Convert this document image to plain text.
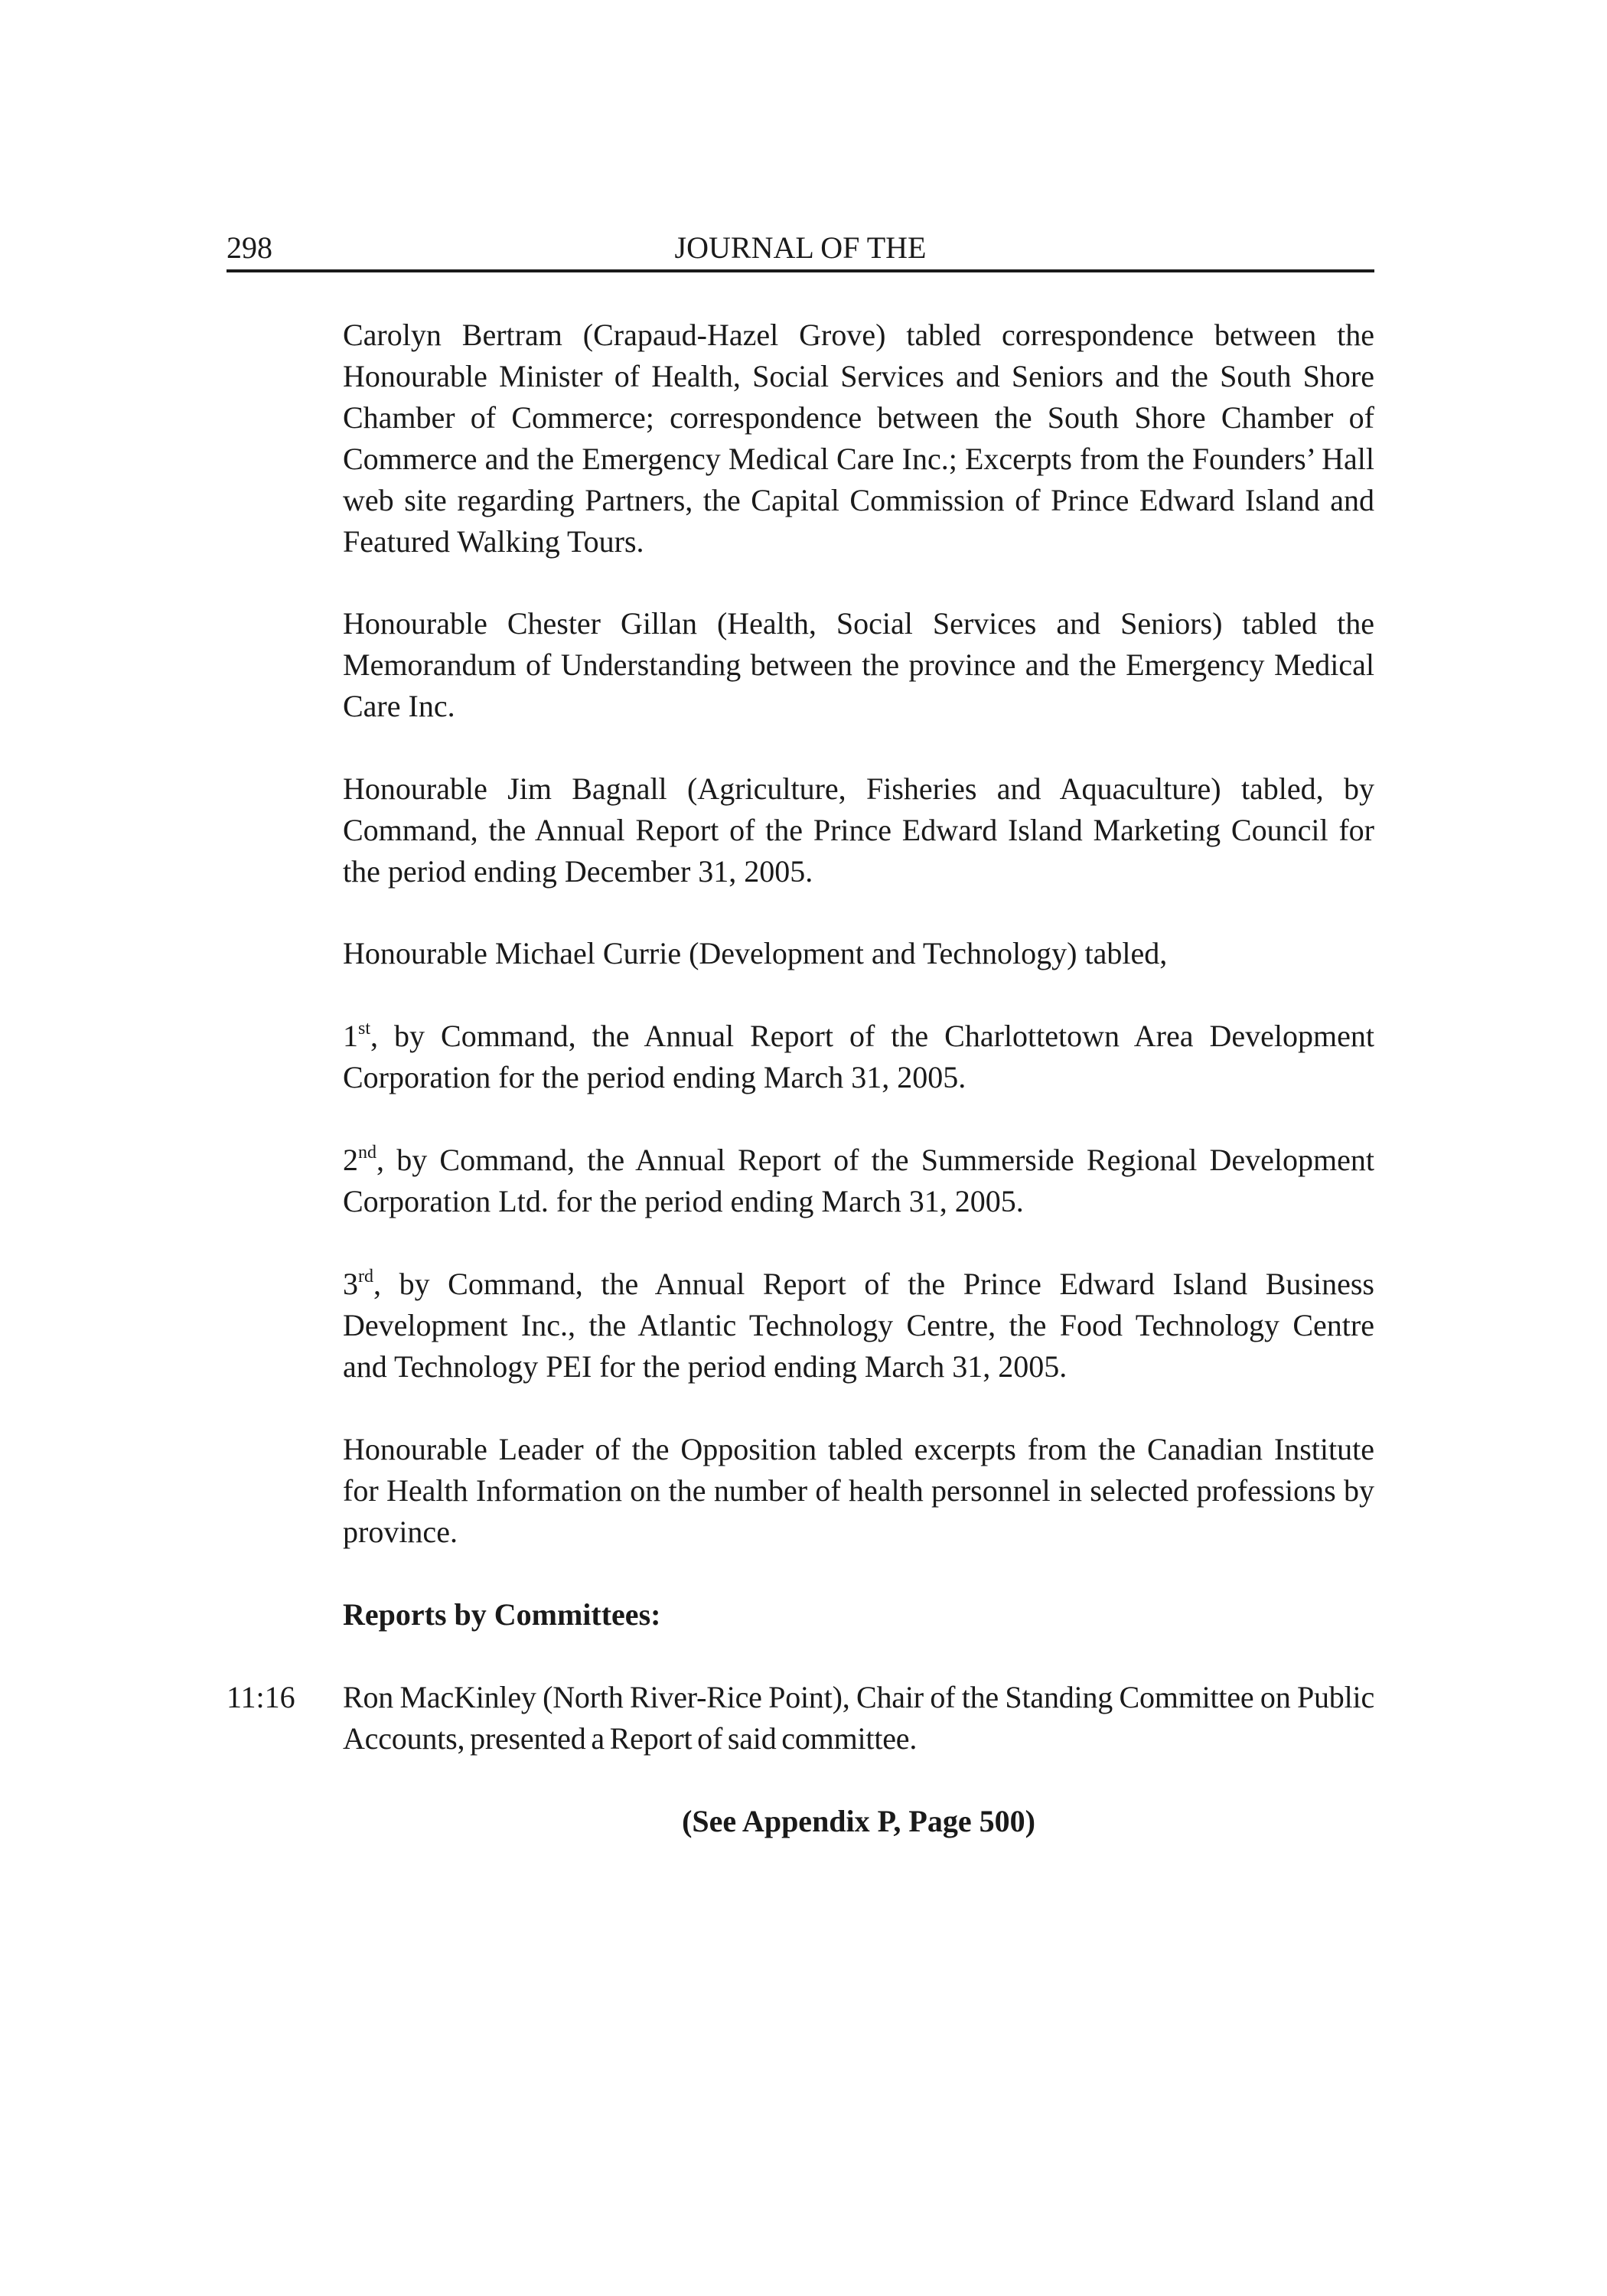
298	JOURNAL OF THE

Carolyn Bertram (Crapaud-Hazel Grove) tabled correspondence between the Honourable Minister of Health, Social Services and Seniors and the South Shore Chamber of Commerce; correspondence between the South Shore Chamber of Commerce and the Emergency Medical Care Inc.; Excerpts from the Founders’ Hall web site regarding Partners, the Capital Commission of Prince Edward Island and Featured Walking Tours.

Honourable Chester Gillan (Health, Social Services and Seniors) tabled the Memorandum of Understanding between the province and the Emergency Medical Care Inc.

Honourable Jim Bagnall (Agriculture, Fisheries and Aquaculture) tabled, by Command, the Annual Report of the Prince Edward Island Marketing Council for the period ending December 31, 2005.

Honourable Michael Currie (Development and Technology) tabled,

1st, by Command, the Annual Report of the Charlottetown Area Development Corporation for the period ending March 31, 2005.

2nd, by Command, the Annual Report of the Summerside Regional Development Corporation Ltd. for the period ending March 31, 2005.

3rd, by Command, the Annual Report of the Prince Edward Island Business Development Inc., the Atlantic Technology Centre, the Food Technology Centre and Technology PEI for the period ending March 31, 2005.

Honourable Leader of the Opposition tabled excerpts from the Canadian Institute for Health Information on the number of health personnel in selected professions by province.

Reports by Committees:
11:16 Ron MacKinley (North River-Rice Point), Chair of the Standing Committee on Public Accounts, presented a Report of said committee.

(See Appendix P, Page 500)
